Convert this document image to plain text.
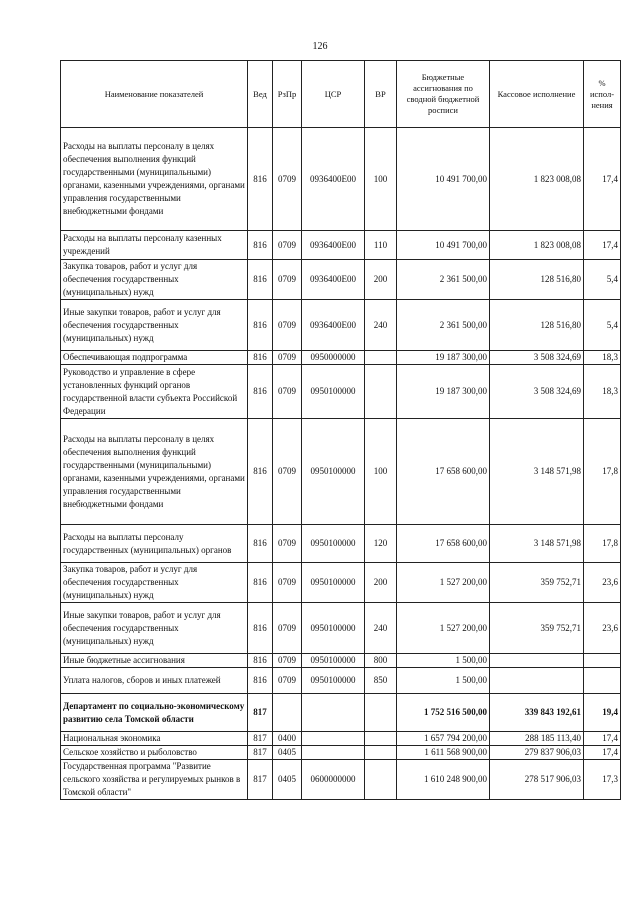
126
Наименование показателей	Вед	РзПр	ЦСР	ВР	Бюджетные ассигнования по сводной бюджетной росписи	Кассовое исполнение	% испол-нения
Расходы на выплаты персоналу в целях обеспечения выполнения функций государственными (муниципальными) органами, казенными учреждениями, органами управления государственными внебюджетными фондами	816	0709	0936400Е00	100	10 491 700,00	1 823 008,08	17,4
Расходы на выплаты персоналу казенных учреждений	816	0709	0936400Е00	110	10 491 700,00	1 823 008,08	17,4
Закупка товаров, работ и услуг для обеспечения государственных (муниципальных) нужд	816	0709	0936400Е00	200	2 361 500,00	128 516,80	5,4
Иные закупки товаров, работ и услуг для обеспечения государственных (муниципальных) нужд	816	0709	0936400Е00	240	2 361 500,00	128 516,80	5,4
Обеспечивающая подпрограмма	816	0709	0950000000		19 187 300,00	3 508 324,69	18,3
Руководство и управление в сфере установленных функций органов государственной власти субъекта Российской Федерации	816	0709	0950100000		19 187 300,00	3 508 324,69	18,3
Расходы на выплаты персоналу в целях обеспечения выполнения функций государственными (муниципальными) органами, казенными учреждениями, органами управления государственными внебюджетными фондами	816	0709	0950100000	100	17 658 600,00	3 148 571,98	17,8
Расходы на выплаты персоналу государственных (муниципальных) органов	816	0709	0950100000	120	17 658 600,00	3 148 571,98	17,8
Закупка товаров, работ и услуг для обеспечения государственных (муниципальных) нужд	816	0709	0950100000	200	1 527 200,00	359 752,71	23,6
Иные закупки товаров, работ и услуг для обеспечения государственных (муниципальных) нужд	816	0709	0950100000	240	1 527 200,00	359 752,71	23,6
Иные бюджетные ассигнования	816	0709	0950100000	800	1 500,00		
Уплата налогов, сборов и иных платежей	816	0709	0950100000	850	1 500,00		
Департамент по социально-экономическому развитию села Томской области	817				1 752 516 500,00	339 843 192,61	19,4
Национальная экономика	817	0400			1 657 794 200,00	288 185 113,40	17,4
Сельское хозяйство и рыболовство	817	0405			1 611 568 900,00	279 837 906,03	17,4
Государственная программа "Развитие сельского хозяйства и регулируемых рынков в Томской области"	817	0405	0600000000		1 610 248 900,00	278 517 906,03	17,3
